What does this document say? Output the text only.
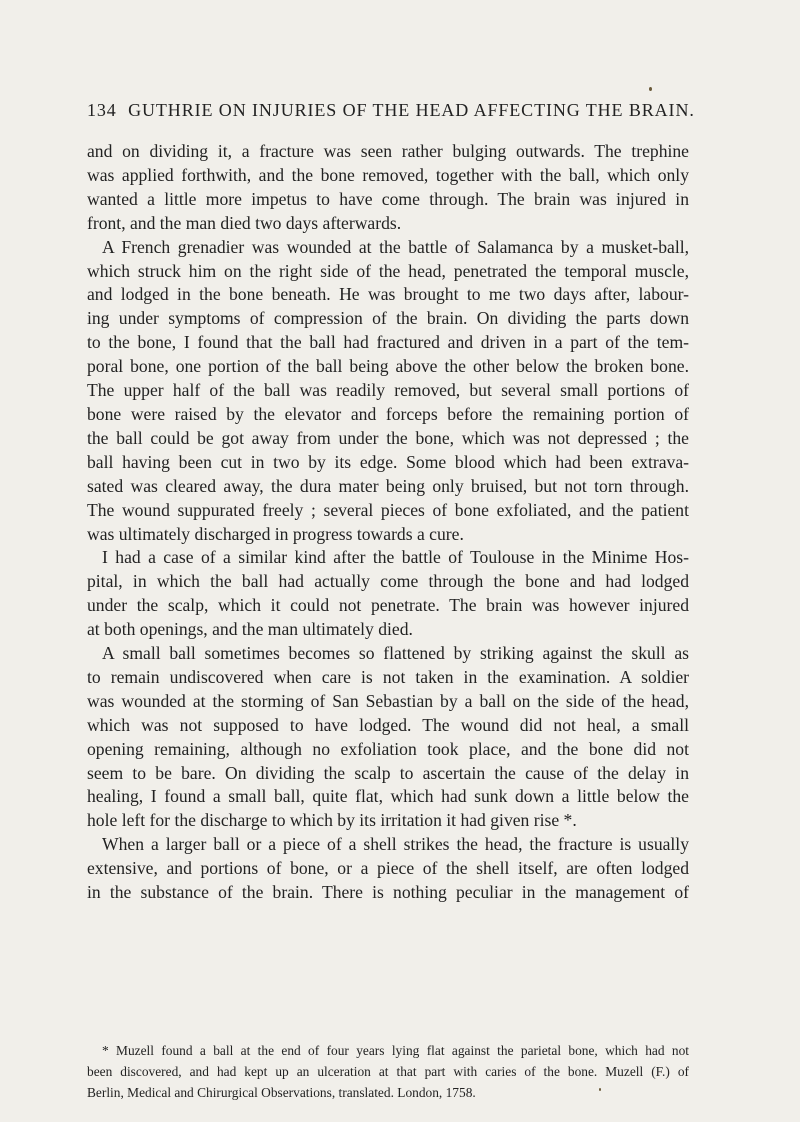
134 GUTHRIE ON INJURIES OF THE HEAD AFFECTING THE BRAIN.
and on dividing it, a fracture was seen rather bulging outwards. The trephine
was applied forthwith, and the bone removed, together with the ball, which only
wanted a little more impetus to have come through. The brain was injured in
front, and the man died two days afterwards.
A French grenadier was wounded at the battle of Salamanca by a musket-ball,
which struck him on the right side of the head, penetrated the temporal muscle,
and lodged in the bone beneath. He was brought to me two days after, labour-
ing under symptoms of compression of the brain. On dividing the parts down
to the bone, I found that the ball had fractured and driven in a part of the tem-
poral bone, one portion of the ball being above the other below the broken bone.
The upper half of the ball was readily removed, but several small portions of
bone were raised by the elevator and forceps before the remaining portion of
the ball could be got away from under the bone, which was not depressed ; the
ball having been cut in two by its edge. Some blood which had been extrava-
sated was cleared away, the dura mater being only bruised, but not torn through.
The wound suppurated freely ; several pieces of bone exfoliated, and the patient
was ultimately discharged in progress towards a cure.
I had a case of a similar kind after the battle of Toulouse in the Minime Hos-
pital, in which the ball had actually come through the bone and had lodged
under the scalp, which it could not penetrate. The brain was however injured
at both openings, and the man ultimately died.
A small ball sometimes becomes so flattened by striking against the skull as
to remain undiscovered when care is not taken in the examination. A soldier
was wounded at the storming of San Sebastian by a ball on the side of the head,
which was not supposed to have lodged. The wound did not heal, a small
opening remaining, although no exfoliation took place, and the bone did not
seem to be bare. On dividing the scalp to ascertain the cause of the delay in
healing, I found a small ball, quite flat, which had sunk down a little below the
hole left for the discharge to which by its irritation it had given rise *.
When a larger ball or a piece of a shell strikes the head, the fracture is usually
extensive, and portions of bone, or a piece of the shell itself, are often lodged
in the substance of the brain. There is nothing peculiar in the management of
* Muzell found a ball at the end of four years lying flat against the parietal bone, which had not
been discovered, and had kept up an ulceration at that part with caries of the bone. Muzell (F.) of
Berlin, Medical and Chirurgical Observations, translated. London, 1758.
